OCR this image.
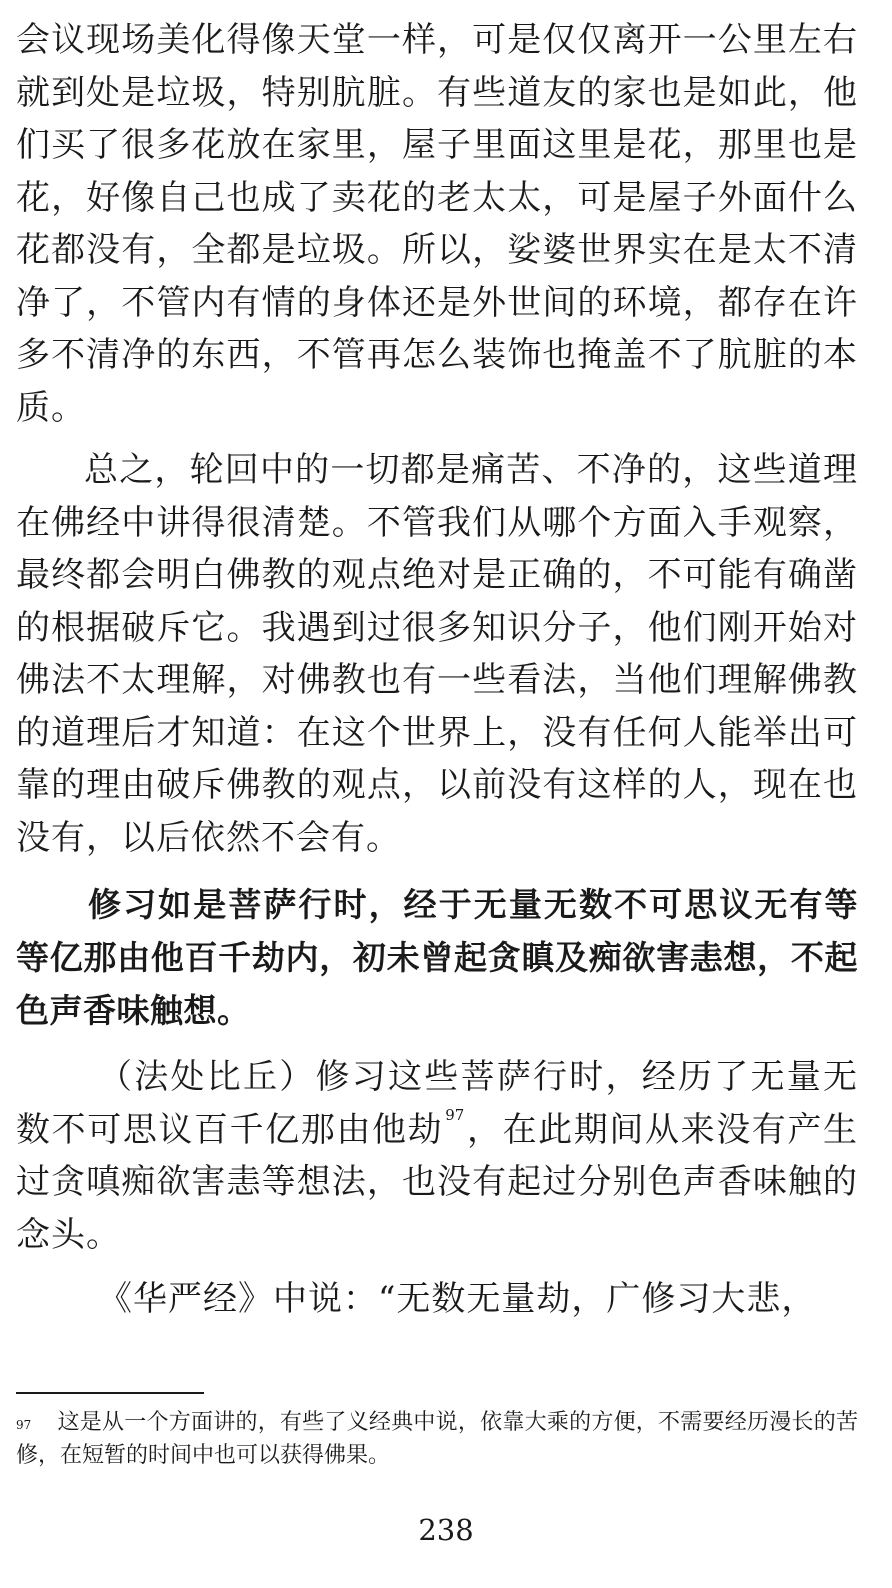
会议现场美化得像天堂一样，可是仅仅离开一公里左右就到处是垃圾，特别肮脏。有些道友的家也是如此，他们买了很多花放在家里，屋子里面这里是花，那里也是花，好像自己也成了卖花的老太太，可是屋子外面什么花都没有，全都是垃圾。所以，娑婆世界实在是太不清净了，不管内有情的身体还是外世间的环境，都存在许多不清净的东西，不管再怎么装饰也掩盖不了肮脏的本质。

总之，轮回中的一切都是痛苦、不净的，这些道理在佛经中讲得很清楚。不管我们从哪个方面入手观察，最终都会明白佛教的观点绝对是正确的，不可能有确凿的根据破斥它。我遇到过很多知识分子，他们刚开始对佛法不太理解，对佛教也有一些看法，当他们理解佛教的道理后才知道：在这个世界上，没有任何人能举出可靠的理由破斥佛教的观点，以前没有这样的人，现在也没有，以后依然不会有。

修习如是菩萨行时，经于无量无数不可思议无有等等亿那由他百千劫内，初未曾起贪瞋及痴欲害恚想，不起色声香味触想。

（法处比丘）修习这些菩萨行时，经历了无量无数不可思议百千亿那由他劫 $^{97}$，在此期间从来没有产生过贪嗔痴欲害恚等想法，也没有起过分别色声香味触的念头。

《华严经》中说：“无数无量劫，广修习大悲，

$^{97}$ 这是从一个方面讲的，有些了义经典中说，依靠大乘的方便，不需要经历漫长的苦修，在短暂的时间中也可以获得佛果。

238
